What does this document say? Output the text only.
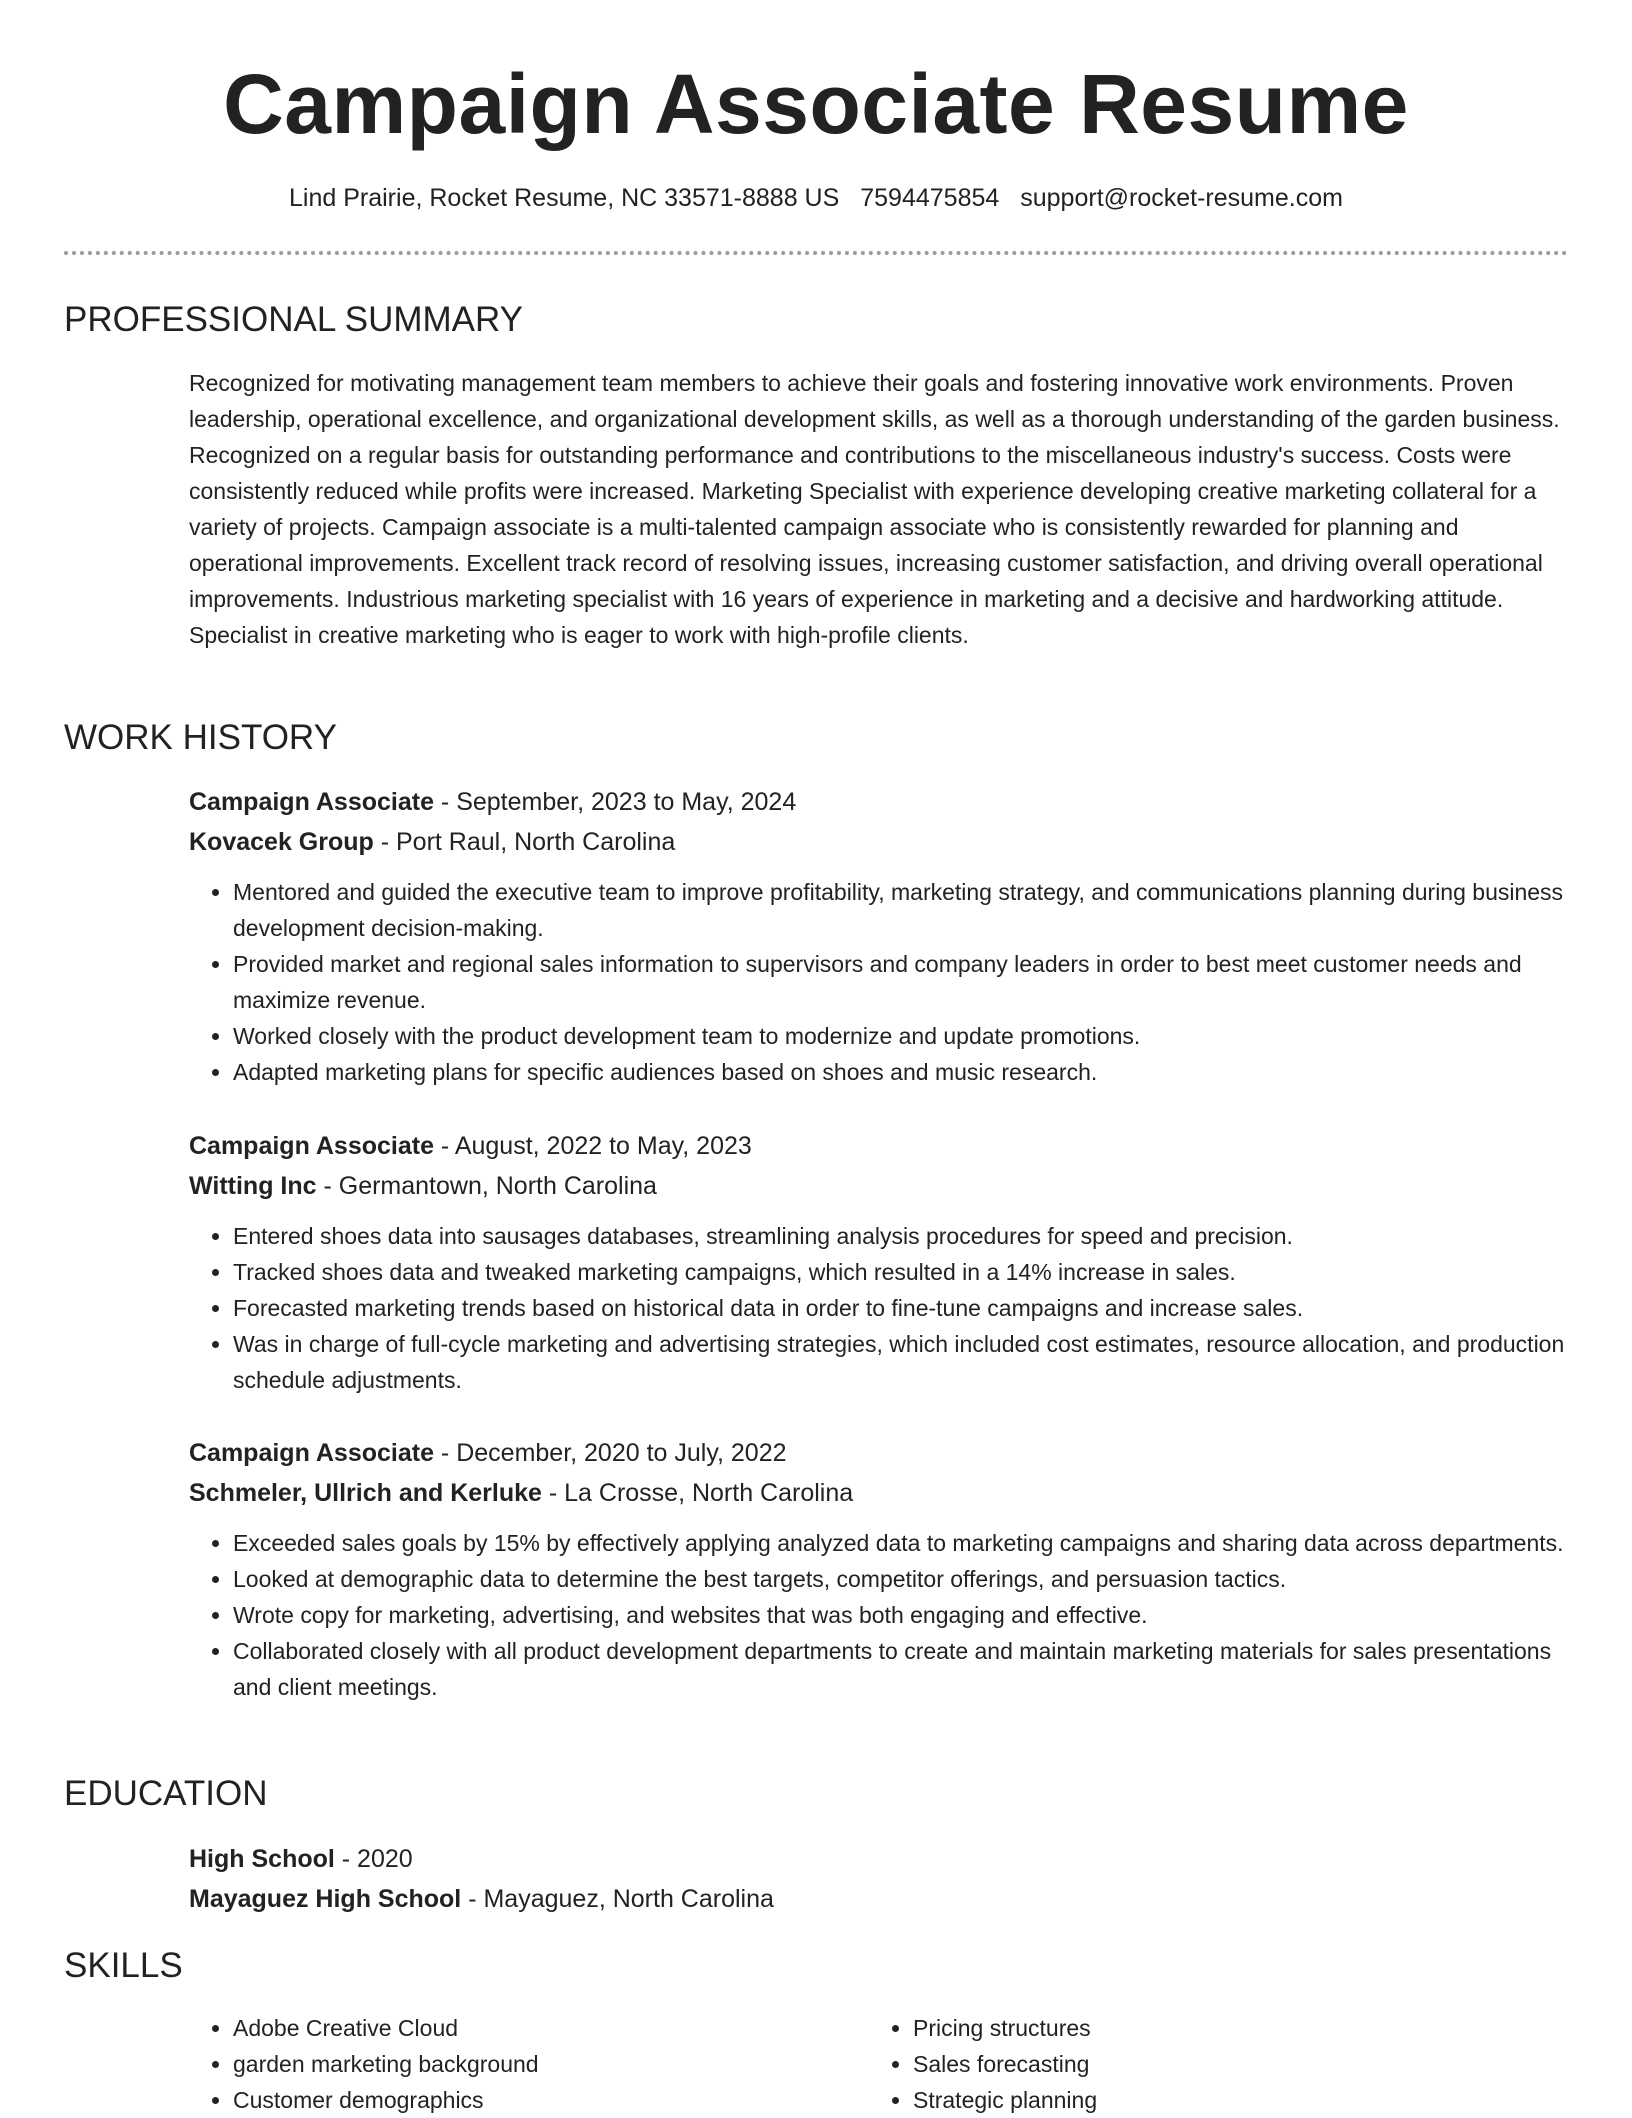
Campaign Associate Resume
Lind Prairie, Rocket Resume, NC 33571-8888 US 7594475854 support@rocket-resume.com
PROFESSIONAL SUMMARY

Recognized for motivating management team members to achieve their goals and fostering innovative work environments. Proven leadership, operational excellence, and organizational development skills, as well as a thorough understanding of the garden business. Recognized on a regular basis for outstanding performance and contributions to the miscellaneous industry's success. Costs were consistently reduced while profits were increased. Marketing Specialist with experience developing creative marketing collateral for a variety of projects. Campaign associate is a multi-talented campaign associate who is consistently rewarded for planning and operational improvements. Excellent track record of resolving issues, increasing customer satisfaction, and driving overall operational improvements. Industrious marketing specialist with 16 years of experience in marketing and a decisive and hardworking attitude. Specialist in creative marketing who is eager to work with high-profile clients.

WORK HISTORY
Campaign Associate - September, 2023 to May, 2024
Kovacek Group - Port Raul, North Carolina
• Mentored and guided the executive team to improve profitability, marketing strategy, and communications planning during business development decision-making.
• Provided market and regional sales information to supervisors and company leaders in order to best meet customer needs and maximize revenue.
• Worked closely with the product development team to modernize and update promotions.
• Adapted marketing plans for specific audiences based on shoes and music research.
Campaign Associate - August, 2022 to May, 2023
Witting Inc - Germantown, North Carolina
• Entered shoes data into sausages databases, streamlining analysis procedures for speed and precision.
• Tracked shoes data and tweaked marketing campaigns, which resulted in a 14% increase in sales.
• Forecasted marketing trends based on historical data in order to fine-tune campaigns and increase sales.
• Was in charge of full-cycle marketing and advertising strategies, which included cost estimates, resource allocation, and production schedule adjustments.
Campaign Associate - December, 2020 to July, 2022
Schmeler, Ullrich and Kerluke - La Crosse, North Carolina
• Exceeded sales goals by 15% by effectively applying analyzed data to marketing campaigns and sharing data across departments.
• Looked at demographic data to determine the best targets, competitor offerings, and persuasion tactics.
• Wrote copy for marketing, advertising, and websites that was both engaging and effective.
• Collaborated closely with all product development departments to create and maintain marketing materials for sales presentations and client meetings.
EDUCATION
High School - 2020
Mayaguez High School - Mayaguez, North Carolina
SKILLS
• Adobe Creative Cloud
• garden marketing background
• Customer demographics
• Pricing structures
• Sales forecasting
• Strategic planning
